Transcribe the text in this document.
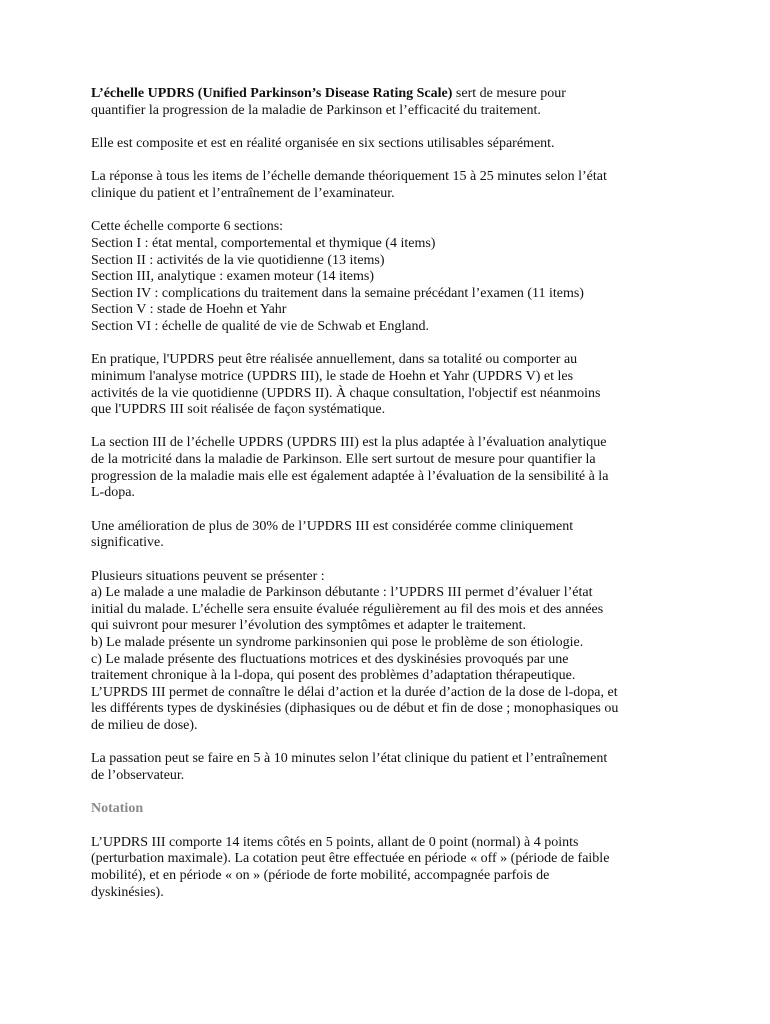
L’échelle UPDRS (Unified Parkinson’s Disease Rating Scale) sert de mesure pour
quantifier la progression de la maladie de Parkinson et l’efficacité du traitement.

Elle est composite et est en réalité organisée en six sections utilisables séparément.

La réponse à tous les items de l’échelle demande théoriquement 15 à 25 minutes selon l’état
clinique du patient et l’entraînement de l’examinateur.

Cette échelle comporte 6 sections:
Section I : état mental, comportemental et thymique (4 items)
Section II : activités de la vie quotidienne (13 items)
Section III, analytique : examen moteur (14 items)
Section IV : complications du traitement dans la semaine précédant l’examen (11 items)
Section V : stade de Hoehn et Yahr
Section VI : échelle de qualité de vie de Schwab et England.

En pratique, l'UPDRS peut être réalisée annuellement, dans sa totalité ou comporter au
minimum l'analyse motrice (UPDRS III), le stade de Hoehn et Yahr (UPDRS V) et les
activités de la vie quotidienne (UPDRS II). À chaque consultation, l'objectif est néanmoins
que l'UPDRS III soit réalisée de façon systématique.

La section III de l’échelle UPDRS (UPDRS III) est la plus adaptée à l’évaluation analytique
de la motricité dans la maladie de Parkinson. Elle sert surtout de mesure pour quantifier la
progression de la maladie mais elle est également adaptée à l’évaluation de la sensibilité à la
L-dopa.

Une amélioration de plus de 30% de l’UPDRS III est considérée comme cliniquement
significative.

Plusieurs situations peuvent se présenter :
a) Le malade a une maladie de Parkinson débutante : l’UPDRS III permet d’évaluer l’état
initial du malade. L’échelle sera ensuite évaluée régulièrement au fil des mois et des années
qui suivront pour mesurer l’évolution des symptômes et adapter le traitement.
b) Le malade présente un syndrome parkinsonien qui pose le problème de son étiologie.
c) Le malade présente des fluctuations motrices et des dyskinésies provoqués par une
traitement chronique à la l-dopa, qui posent des problèmes d’adaptation thérapeutique.
L’UPRDS III permet de connaître le délai d’action et la durée d’action de la dose de l-dopa, et
les différents types de dyskinésies (diphasiques ou de début et fin de dose ; monophasiques ou
de milieu de dose).

La passation peut se faire en 5 à 10 minutes selon l’état clinique du patient et l’entraînement
de l’observateur.

Notation

L’UPDRS III comporte 14 items côtés en 5 points, allant de 0 point (normal) à 4 points
(perturbation maximale). La cotation peut être effectuée en période « off » (période de faible
mobilité), et en période « on » (période de forte mobilité, accompagnée parfois de
dyskinésies).
